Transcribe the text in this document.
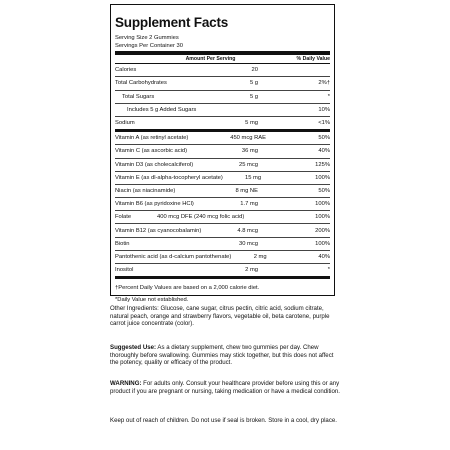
Supplement Facts
Serving Size 2 Gummies
Servings Per Container 30
Amount Per Serving	% Daily Value
Calories	20
Total Carbohydrates	5 g	2%†
Total Sugars	5 g	*
Includes 5 g Added Sugars	10%
Sodium	5 mg	<1%
Vitamin A (as retinyl acetate)	450 mcg RAE	50%
Vitamin C (as ascorbic acid)	36 mg	40%
Vitamin D3 (as cholecalciferol)	25 mcg	125%
Vitamin E (as dl-alpha-tocopheryl acetate)	15 mg	100%
Niacin (as niacinamide)	8 mg NE	50%
Vitamin B6 (as pyridoxine HCl)	1.7 mg	100%
Folate	400 mcg DFE (240 mcg folic acid)	100%
Vitamin B12 (as cyanocobalamin)	4.8 mcg	200%
Biotin	30 mcg	100%
Pantothenic acid (as d-calcium pantothenate)	2 mg	40%
Inositol	2 mg	*
†Percent Daily Values are based on a 2,000 calorie diet.
*Daily Value not established.
Other Ingredients: Glucose, cane sugar, citrus pectin, citric acid, sodium citrate, natural peach, orange and strawberry flavors, vegetable oil, beta carotene, purple carrot juice concentrate (color).
Suggested Use: As a dietary supplement, chew two gummies per day. Chew thoroughly before swallowing. Gummies may stick together, but this does not affect the potency, quality or efficacy of the product.
WARNING: For adults only. Consult your healthcare provider before using this or any product if you are pregnant or nursing, taking medication or have a medical condition.
Keep out of reach of children. Do not use if seal is broken. Store in a cool, dry place.
